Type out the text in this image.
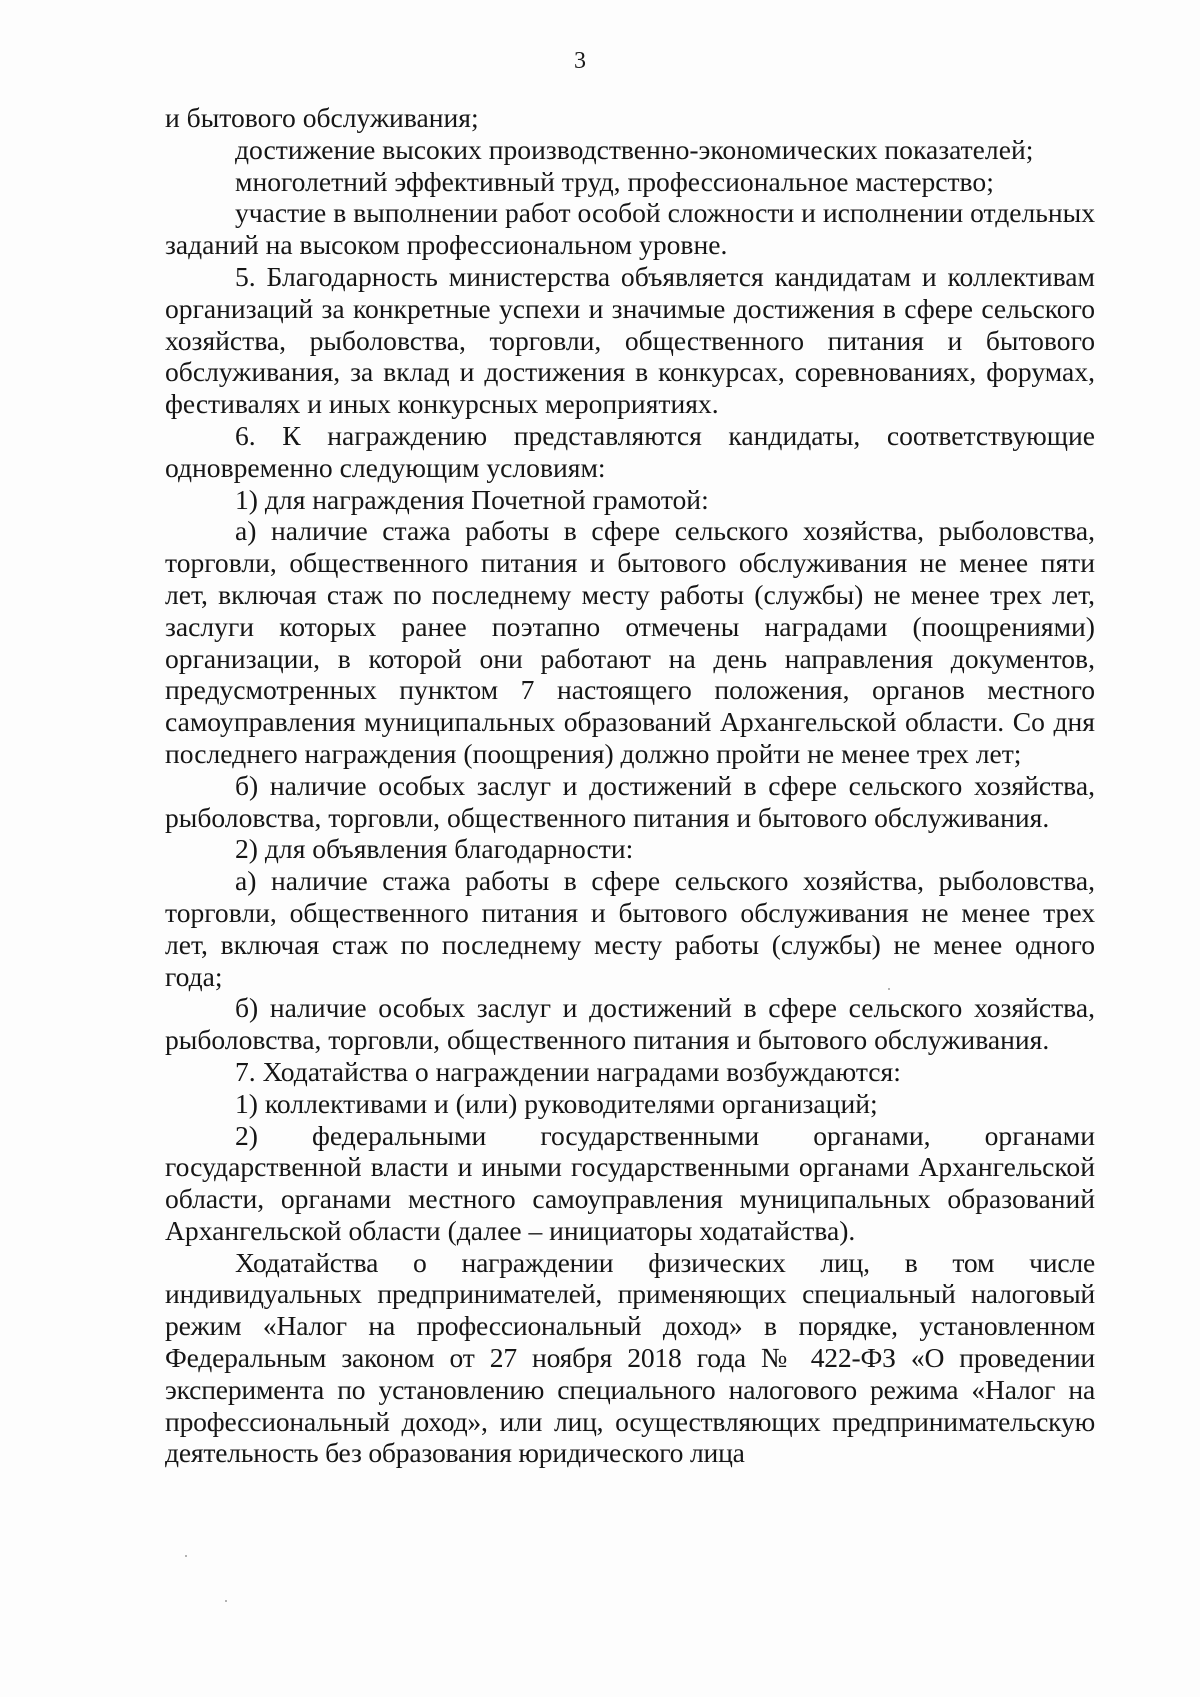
3

и бытового обслуживания;

достижение высоких производственно-экономических показателей;

многолетний эффективный труд, профессиональное мастерство;

участие в выполнении работ особой сложности и исполнении отдельных заданий на высоком профессиональном уровне.

5. Благодарность министерства объявляется кандидатам и коллективам организаций за конкретные успехи и значимые достижения в сфере сельского хозяйства, рыболовства, торговли, общественного питания и бытового обслуживания, за вклад и достижения в конкурсах, соревнованиях, форумах, фестивалях и иных конкурсных мероприятиях.

6. К награждению представляются кандидаты, соответствующие одновременно следующим условиям:

1) для награждения Почетной грамотой:

а) наличие стажа работы в сфере сельского хозяйства, рыболовства, торговли, общественного питания и бытового обслуживания не менее пяти лет, включая стаж по последнему месту работы (службы) не менее трех лет, заслуги которых ранее поэтапно отмечены наградами (поощрениями) организации, в которой они работают на день направления документов, предусмотренных пунктом 7 настоящего положения, органов местного самоуправления муниципальных образований Архангельской области. Со дня последнего награждения (поощрения) должно пройти не менее трех лет;

б) наличие особых заслуг и достижений в сфере сельского хозяйства, рыболовства, торговли, общественного питания и бытового обслуживания.

2) для объявления благодарности:

а) наличие стажа работы в сфере сельского хозяйства, рыболовства, торговли, общественного питания и бытового обслуживания не менее трех лет, включая стаж по последнему месту работы (службы) не менее одного года;

б) наличие особых заслуг и достижений в сфере сельского хозяйства, рыболовства, торговли, общественного питания и бытового обслуживания.

7. Ходатайства о награждении наградами возбуждаются:

1) коллективами и (или) руководителями организаций;

2) федеральными государственными органами, органами государственной власти и иными государственными органами Архангельской области, органами местного самоуправления муниципальных образований Архангельской области (далее – инициаторы ходатайства).

Ходатайства о награждении физических лиц, в том числе индивидуальных предпринимателей, применяющих специальный налоговый режим «Налог на профессиональный доход» в порядке, установленном Федеральным законом от 27 ноября 2018 года № 422-ФЗ «О проведении эксперимента по установлению специального налогового режима «Налог на профессиональный доход», или лиц, осуществляющих предпринимательскую деятельность без образования юридического лица
